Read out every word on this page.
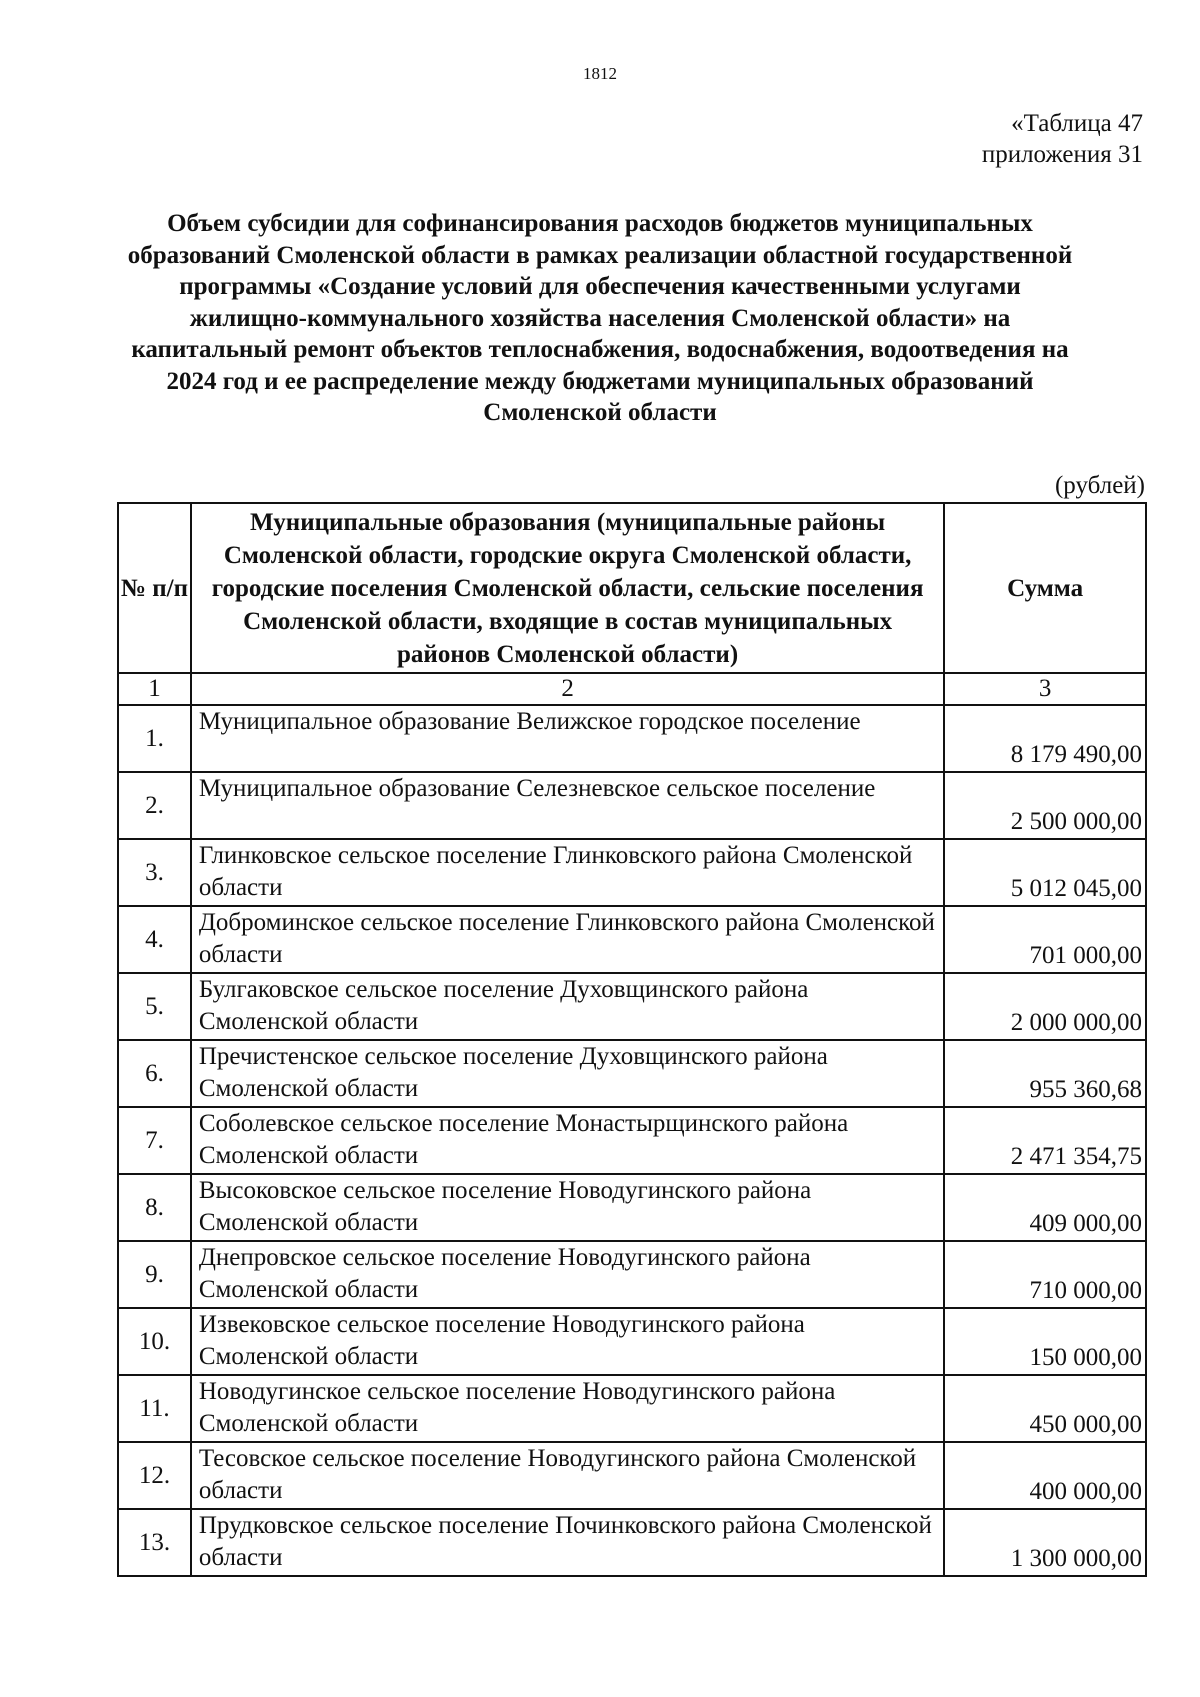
1812
«Таблица 47
приложения 31
Объем субсидии для софинансирования расходов бюджетов муниципальных образований Смоленской области в рамках реализации областной государственной программы «Создание условий для обеспечения качественными услугами жилищно-коммунального хозяйства населения Смоленской области» на капитальный ремонт объектов теплоснабжения, водоснабжения, водоотведения на 2024 год и ее распределение между бюджетами муниципальных образований Смоленской области
(рублей)
№ п/п	Муниципальные образования (муниципальные районы Смоленской области, городские округа Смоленской области, городские поселения Смоленской области, сельские поселения Смоленской области, входящие в состав муниципальных районов Смоленской области)	Сумма
1	2	3
1.	Муниципальное образование Велижское городское поселение	8 179 490,00
2.	Муниципальное образование Селезневское сельское поселение	2 500 000,00
3.	Глинковское сельское поселение Глинковского района Смоленской области	5 012 045,00
4.	Доброминское сельское поселение Глинковского района Смоленской области	701 000,00
5.	Булгаковское сельское поселение Духовщинского района Смоленской области	2 000 000,00
6.	Пречистенское сельское поселение Духовщинского района Смоленской области	955 360,68
7.	Соболевское сельское поселение Монастырщинского района Смоленской области	2 471 354,75
8.	Высоковское сельское поселение Новодугинского района Смоленской области	409 000,00
9.	Днепровское сельское поселение Новодугинского района Смоленской области	710 000,00
10.	Извековское сельское поселение Новодугинского района Смоленской области	150 000,00
11.	Новодугинское сельское поселение Новодугинского района Смоленской области	450 000,00
12.	Тесовское сельское поселение Новодугинского района Смоленской области	400 000,00
13.	Прудковское сельское поселение Починковского района Смоленской области	1 300 000,00
